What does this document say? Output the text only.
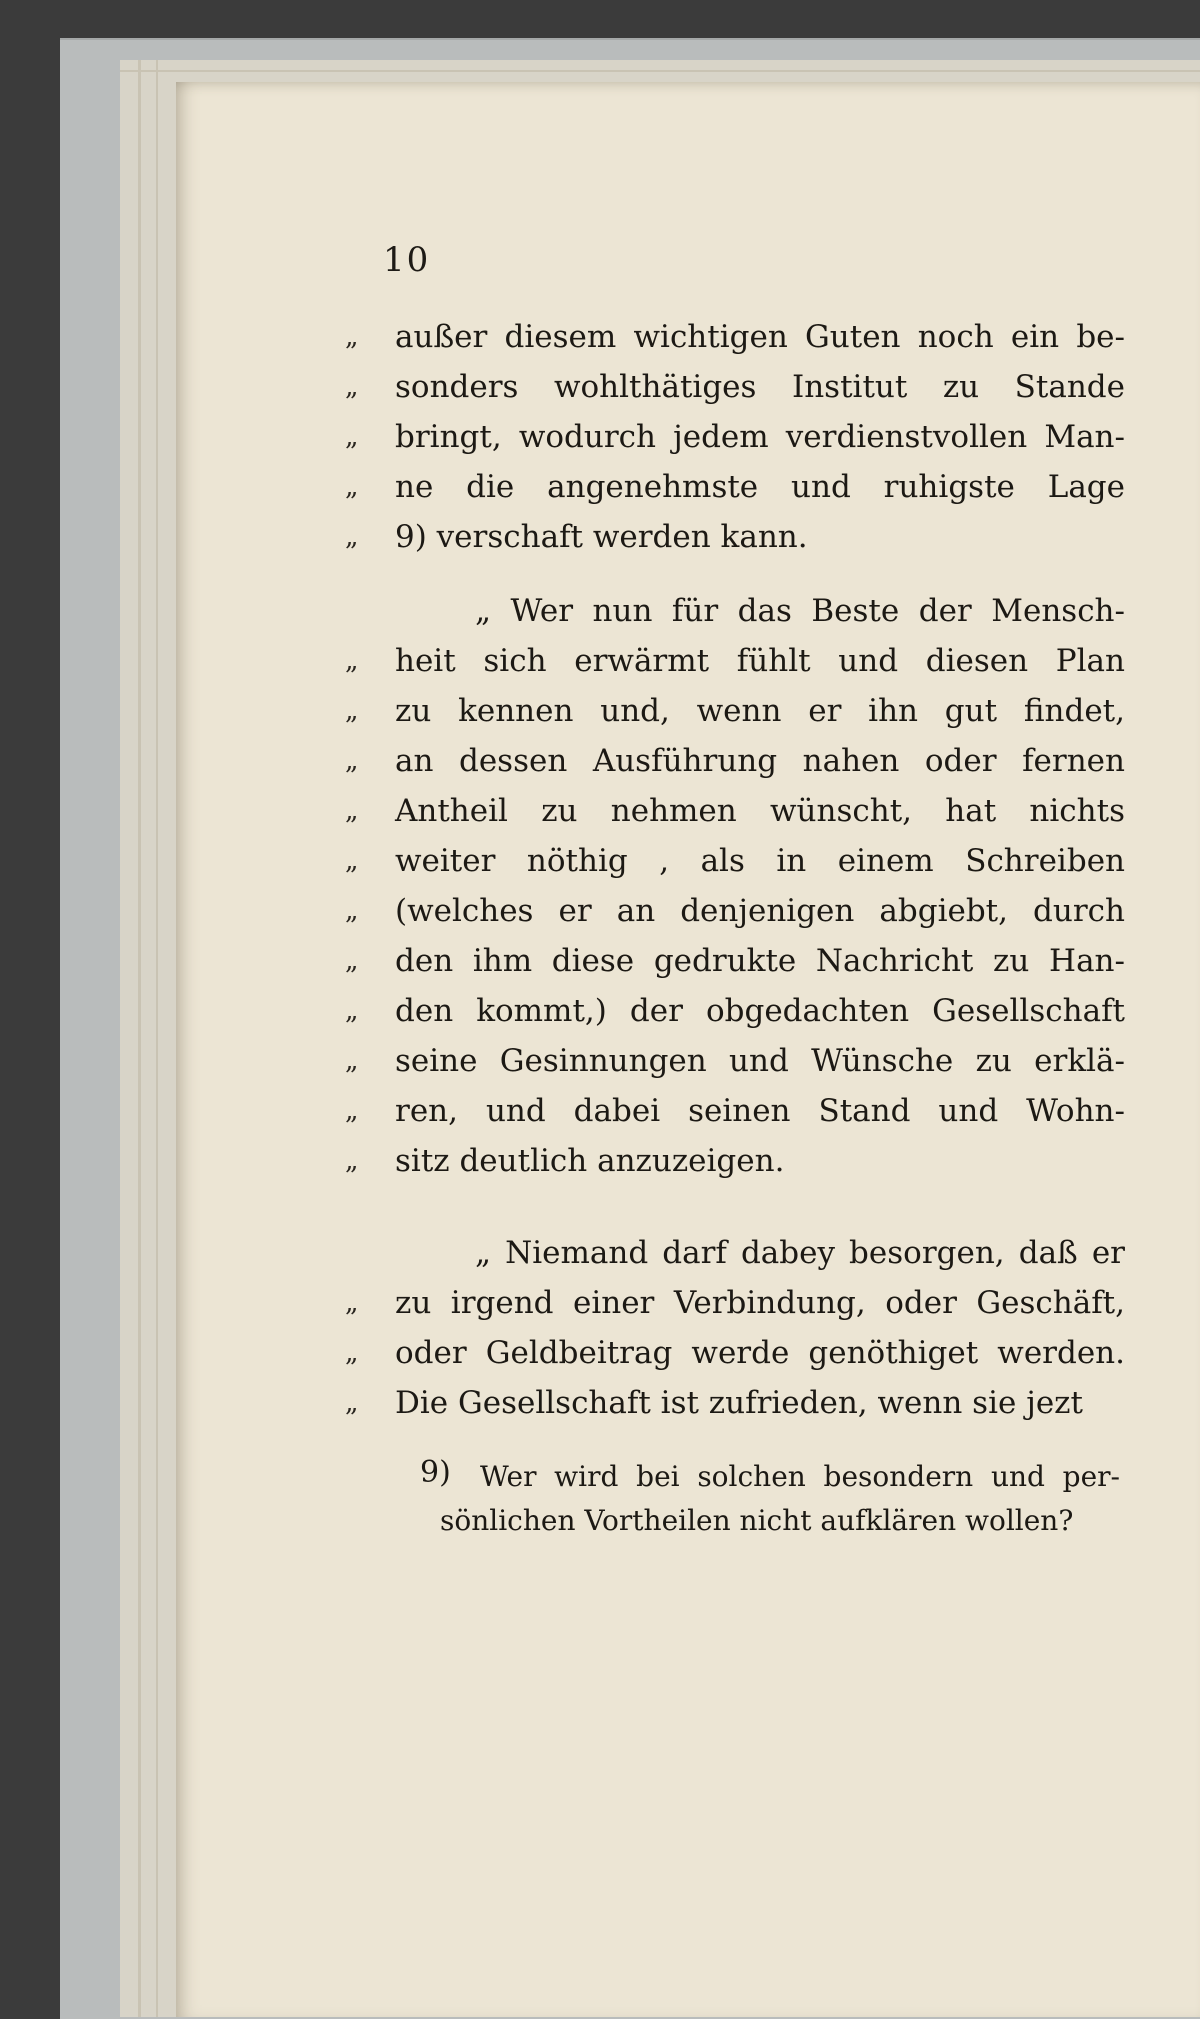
10
„ außer diesem wichtigen Guten noch ein be-
„ sonders wohlthätiges Institut zu Stande
„ bringt, wodurch jedem verdienstvollen Man-
„ ne die angenehmste und ruhigste Lage
„ 9) verschaft werden kann.
„ Wer nun für das Beste der Mensch-
„ heit sich erwärmt fühlt und diesen Plan
„ zu kennen und, wenn er ihn gut findet,
„ an dessen Ausführung nahen oder fernen
„ Antheil zu nehmen wünscht, hat nichts
„ weiter nöthig , als in einem Schreiben
„ (welches er an denjenigen abgiebt, durch
„ den ihm diese gedrukte Nachricht zu Han-
„ den kommt,) der obgedachten Gesellschaft
„ seine Gesinnungen und Wünsche zu erklä-
„ ren, und dabei seinen Stand und Wohn-
„ sitz deutlich anzuzeigen.
„ Niemand darf dabey besorgen, daß er
„ zu irgend einer Verbindung, oder Geschäft,
„ oder Geldbeitrag werde genöthiget werden.
„ Die Gesellschaft ist zufrieden, wenn sie jezt
9)	Wer wird bei solchen besondern und per-
sönlichen Vortheilen nicht aufklären wollen?
